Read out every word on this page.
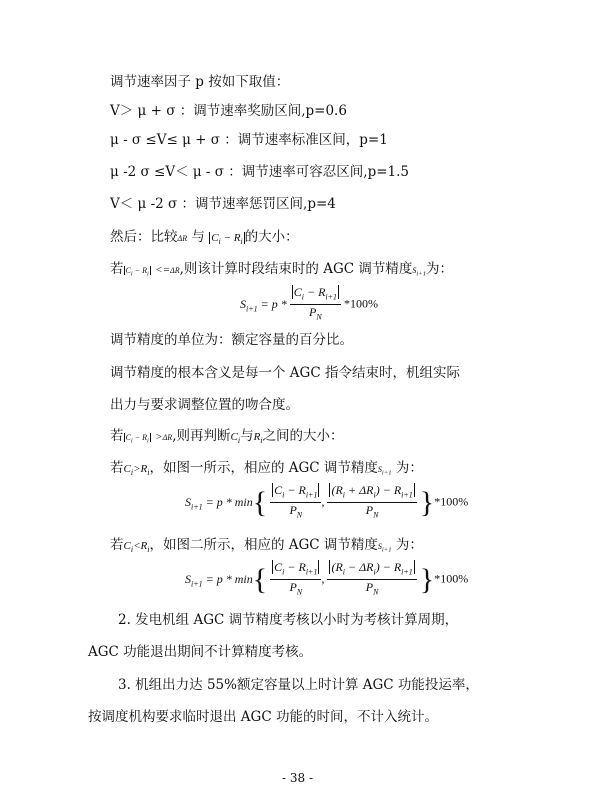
调节速率因子 p 按如下取值：
V＞ μ + σ ：调节速率奖励区间,p=0.6
μ - σ ≤V≤ μ + σ ：调节速率标准区间，p=1
μ -2 σ ≤V＜ μ - σ ：调节速率可容忍区间,p=1.5
V＜ μ -2 σ ：调节速率惩罚区间,p=4
然后：比较ΔR 与 $C_i - R_i$ 的大小：
若 $C_i - R_i <=\Delta R$,则该计算时段结束时的 AGC 调节精度$S_{i+1}$为：
$S_{i+1} = p * \frac{C_i - R_{i+1}}{P_N} *100\%$
调节精度的单位为：额定容量的百分比。
调节精度的根本含义是每一个 AGC 指令结束时，机组实际
出力与要求调整位置的吻合度。
若 $C_i - R_i >\Delta R$,则再判断$C_i$与$R_i$之间的大小：
若$C_i>R_i$，如图一所示，相应的 AGC 调节精度$S_{i+1}$ 为：
$S_{i+1} = p * \min\{ \frac{C_i - R_{i+1}}{P_N}$ ,
$(R_i + \Delta R_i) - R_{i+1}$
$P_N$	}*100%
若$C_i<R_i$，如图二所示，相应的 AGC 调节精度$S_{i+1}$ 为：
$S_{i+1} = p * \min\{ \frac{C_i - R_{i+1}}{P_N}$ ,
$(R_i - \Delta R_i) - R_{i+1}$
$P_N$	}*100%
2. 发电机组 AGC 调节精度考核以小时为考核计算周期，
AGC 功能退出期间不计算精度考核。
3. 机组出力达 55%额定容量以上时计算 AGC 功能投运率，
按调度机构要求临时退出 AGC 功能的时间，不计入统计。
- 38 -
